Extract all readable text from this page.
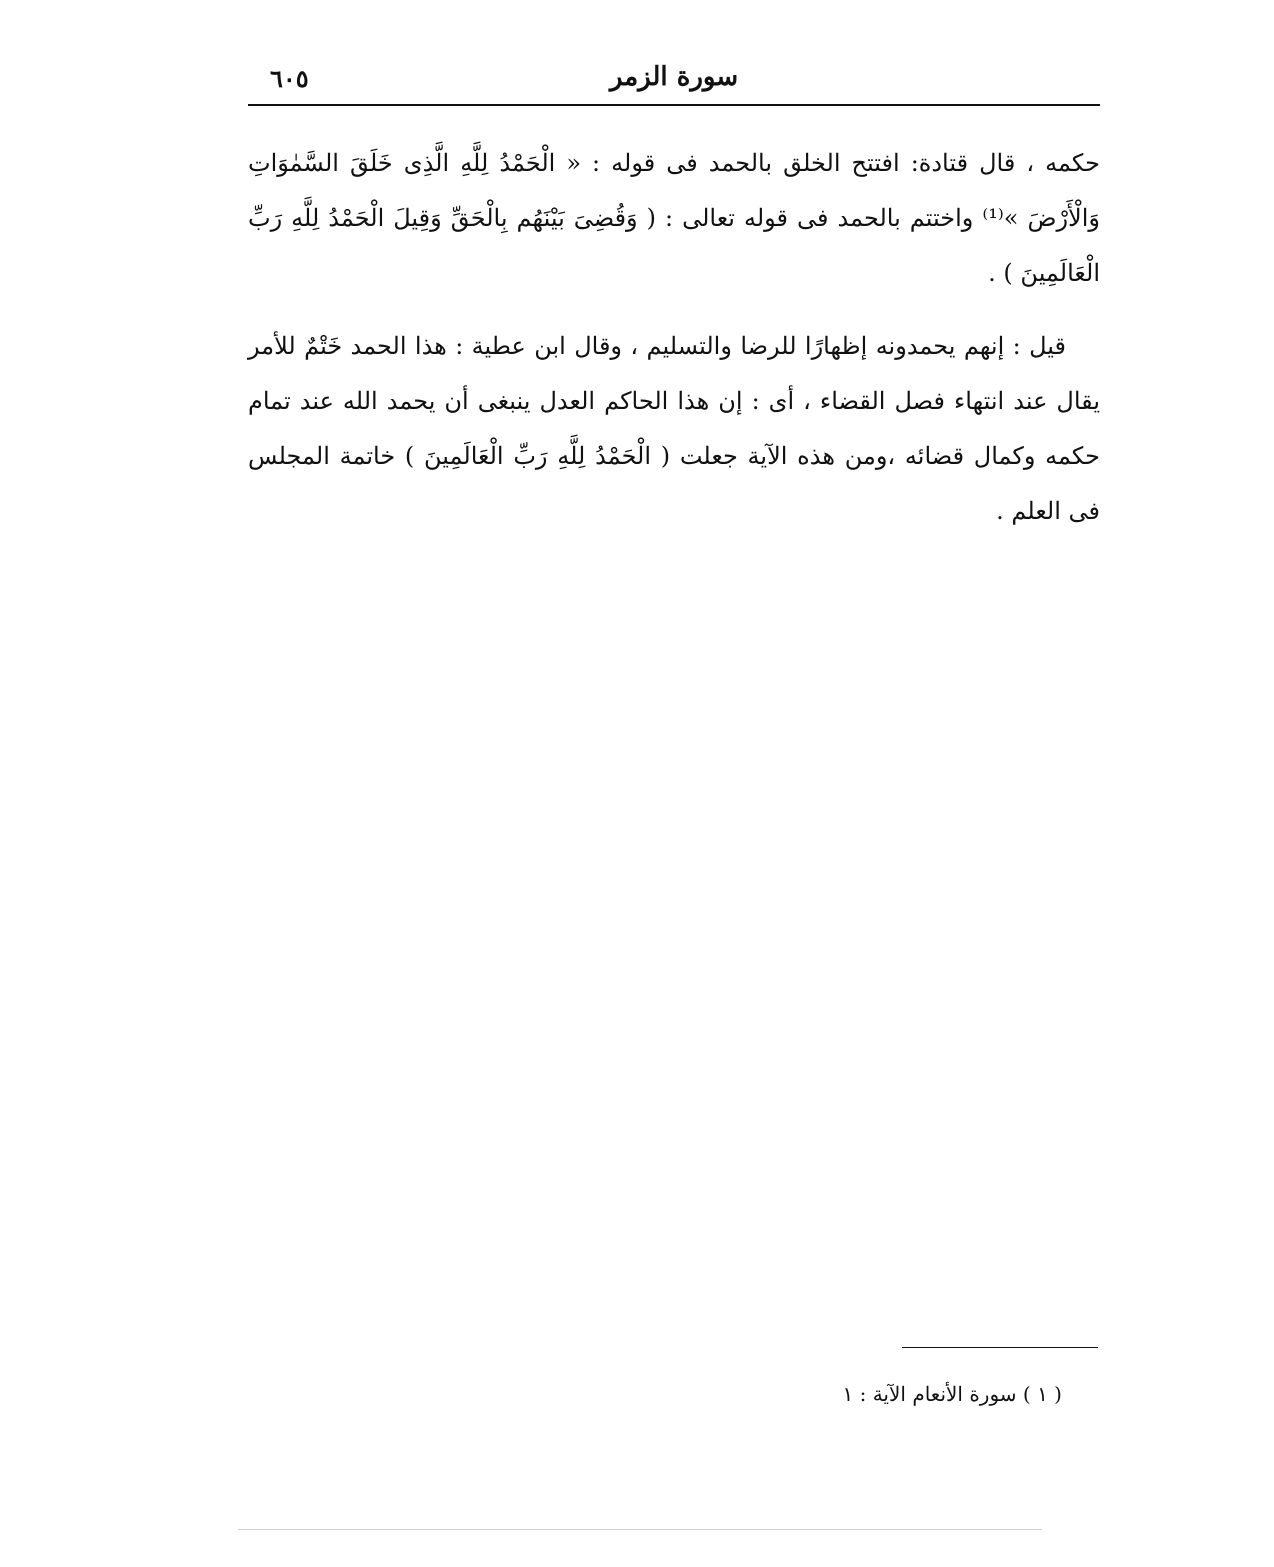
سورة الزمر
٦٠٥

حكمه ، قال قتادة: افتتح الخلق بالحمد فى قوله : « الْحَمْدُ لِلَّهِ الَّذِى خَلَقَ السَّمٰوَاتِ وَالْأَرْضَ »⁽¹⁾ واختتم بالحمد فى قوله تعالى : ( وَقُضِىَ بَيْنَهُم بِالْحَقِّ وَقِيلَ الْحَمْدُ لِلَّهِ رَبِّ الْعَالَمِينَ ) .

قيل : إنهم يحمدونه إظهارًا للرضا والتسليم ، وقال ابن عطية : هذا الحمد خَتْمٌ للأمر يقال عند انتهاء فصل القضاء ، أى : إن هذا الحاكم العدل ينبغى أن يحمد الله عند تمام حكمه وكمال قضائه ،ومن هذه الآية جعلت ( الْحَمْدُ لِلَّهِ رَبِّ الْعَالَمِينَ ) خاتمة المجلس فى العلم .

( ١ ) سورة الأنعام الآية : ١
